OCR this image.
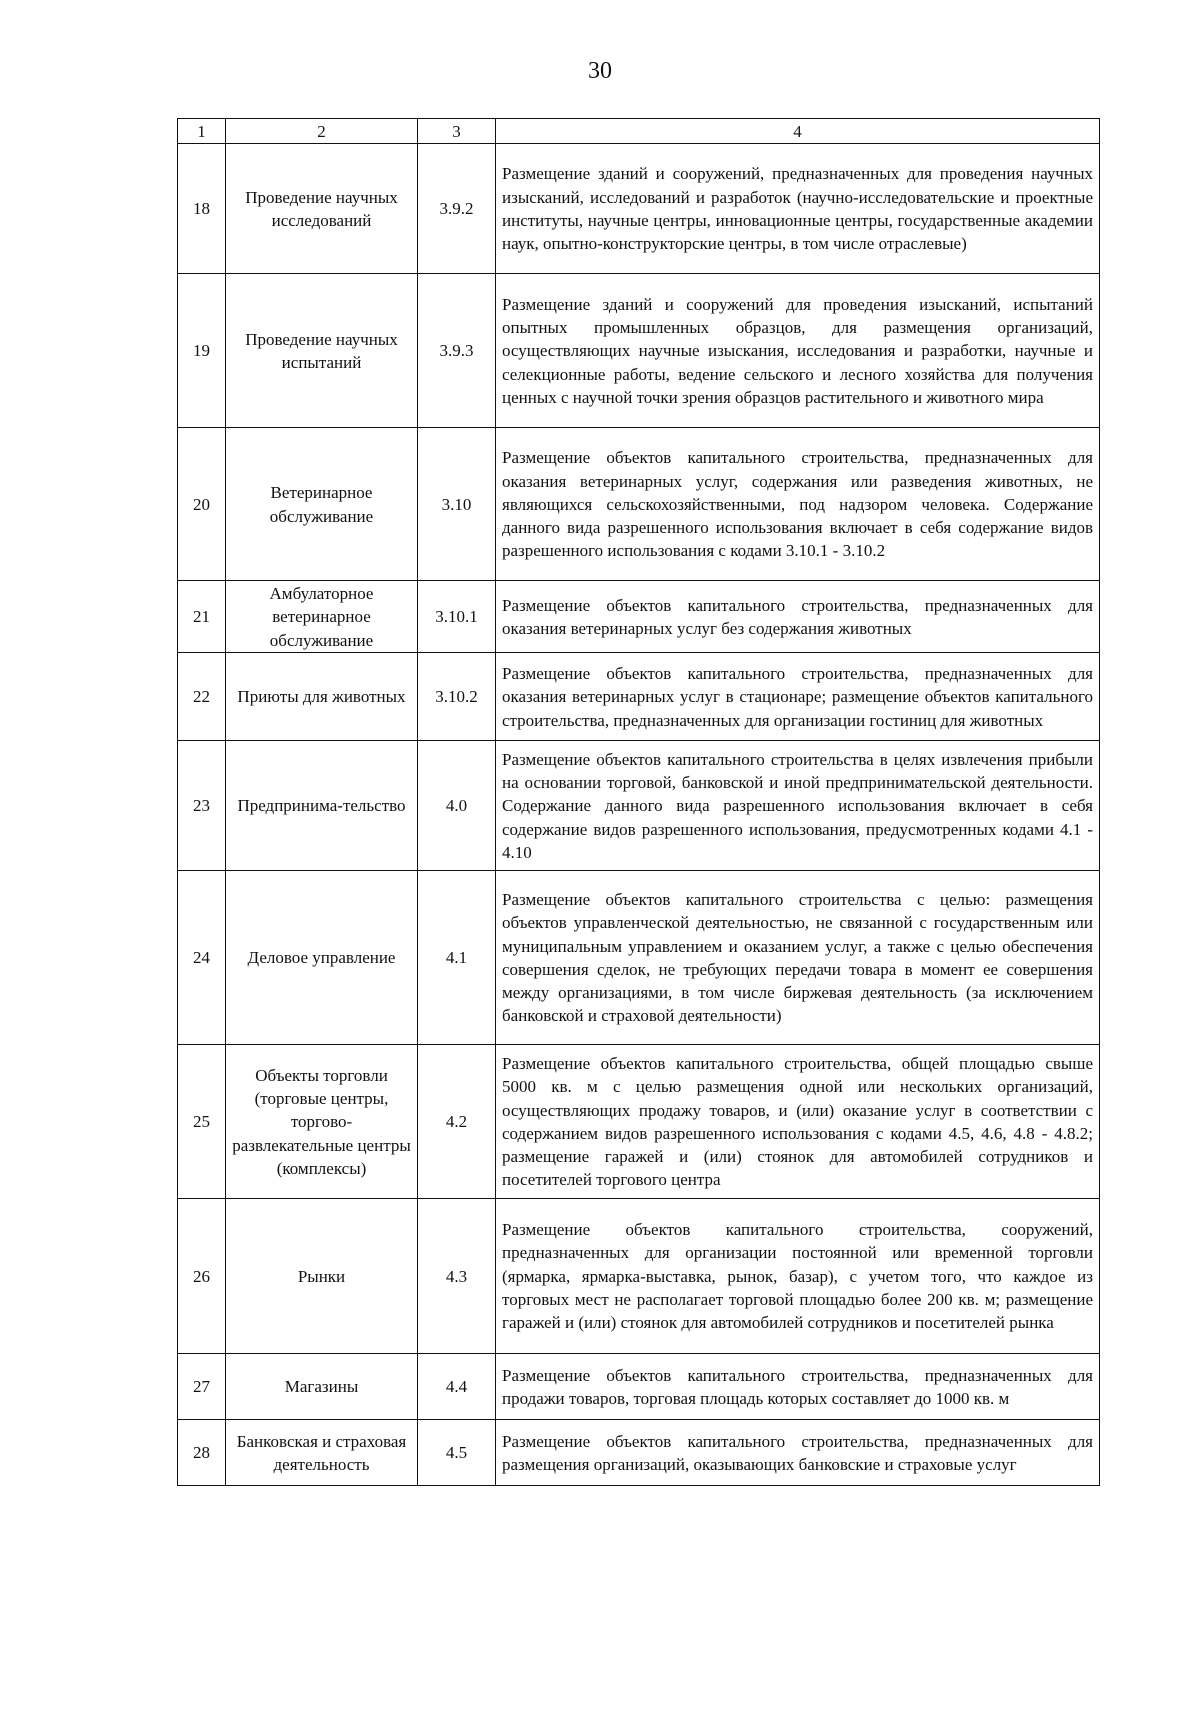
30
1	2	3	4
18	Проведение научных исследований	3.9.2	Размещение зданий и сооружений, предназначенных для проведения научных изысканий, исследований и разработок (научно-исследовательские и проектные институты, научные центры, инновационные центры, государственные академии наук, опытно-конструкторские центры, в том числе отраслевые)
19	Проведение научных испытаний	3.9.3	Размещение зданий и сооружений для проведения изысканий, испытаний опытных промышленных образцов, для размещения организаций, осуществляющих научные изыскания, исследования и разработки, научные и селекционные работы, ведение сельского и лесного хозяйства для получения ценных с научной точки зрения образцов растительного и животного мира
20	Ветеринарное обслуживание	3.10	Размещение объектов капитального строительства, предназначенных для оказания ветеринарных услуг, содержания или разведения животных, не являющихся сельскохозяйственными, под надзором человека. Содержание данного вида разрешенного использования включает в себя содержание видов разрешенного использования с кодами 3.10.1 - 3.10.2
21	Амбулаторное ветеринарное обслуживание	3.10.1	Размещение объектов капитального строительства, предназначенных для оказания ветеринарных услуг без содержания животных
22	Приюты для животных	3.10.2	Размещение объектов капитального строительства, предназначенных для оказания ветеринарных услуг в стационаре; размещение объектов капитального строительства, предназначенных для организации гостиниц для животных
23	Предпринима-тельство	4.0	Размещение объектов капитального строительства в целях извлечения прибыли на основании торговой, банковской и иной предпринимательской деятельности. Содержание данного вида разрешенного использования включает в себя содержание видов разрешенного использования, предусмотренных кодами 4.1 - 4.10
24	Деловое управление	4.1	Размещение объектов капитального строительства с целью: размещения объектов управленческой деятельностью, не связанной с государственным или муниципальным управлением и оказанием услуг, а также с целью обеспечения совершения сделок, не требующих передачи товара в момент ее совершения между организациями, в том числе биржевая деятельность (за исключением банковской и страховой деятельности)
25	Объекты торговли (торговые центры, торгово-развлекательные центры (комплексы)	4.2	Размещение объектов капитального строительства, общей площадью свыше 5000 кв. м с целью размещения одной или нескольких организаций, осуществляющих продажу товаров, и (или) оказание услуг в соответствии с содержанием видов разрешенного использования с кодами 4.5, 4.6, 4.8 - 4.8.2; размещение гаражей и (или) стоянок для автомобилей сотрудников и посетителей торгового центра
26	Рынки	4.3	Размещение объектов капитального строительства, сооружений, предназначенных для организации постоянной или временной торговли (ярмарка, ярмарка-выставка, рынок, базар), с учетом того, что каждое из торговых мест не располагает торговой площадью более 200 кв. м; размещение гаражей и (или) стоянок для автомобилей сотрудников и посетителей рынка
27	Магазины	4.4	Размещение объектов капитального строительства, предназначенных для продажи товаров, торговая площадь которых составляет до 1000 кв. м
28	Банковская и страховая деятельность	4.5	Размещение объектов капитального строительства, предназначенных для размещения организаций, оказывающих банковские и страховые услуг
